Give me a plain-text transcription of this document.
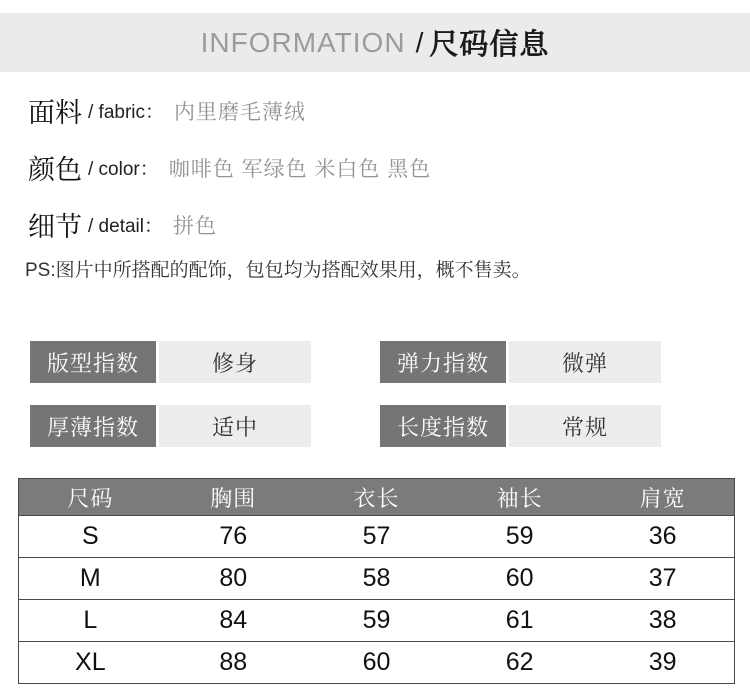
INFORMATION / 尺码信息
面料 / fabric： 内里磨毛薄绒
颜色 / color： 咖啡色 军绿色 米白色 黑色
细节 / detail： 拼色
PS:图片中所搭配的配饰，包包均为搭配效果用，概不售卖。
版型指数	修身	弹力指数	微弹
厚薄指数	适中	长度指数	常规
尺码	胸围	衣长	袖长	肩宽
S	76	57	59	36
M	80	58	60	37
L	84	59	61	38
XL	88	60	62	39
